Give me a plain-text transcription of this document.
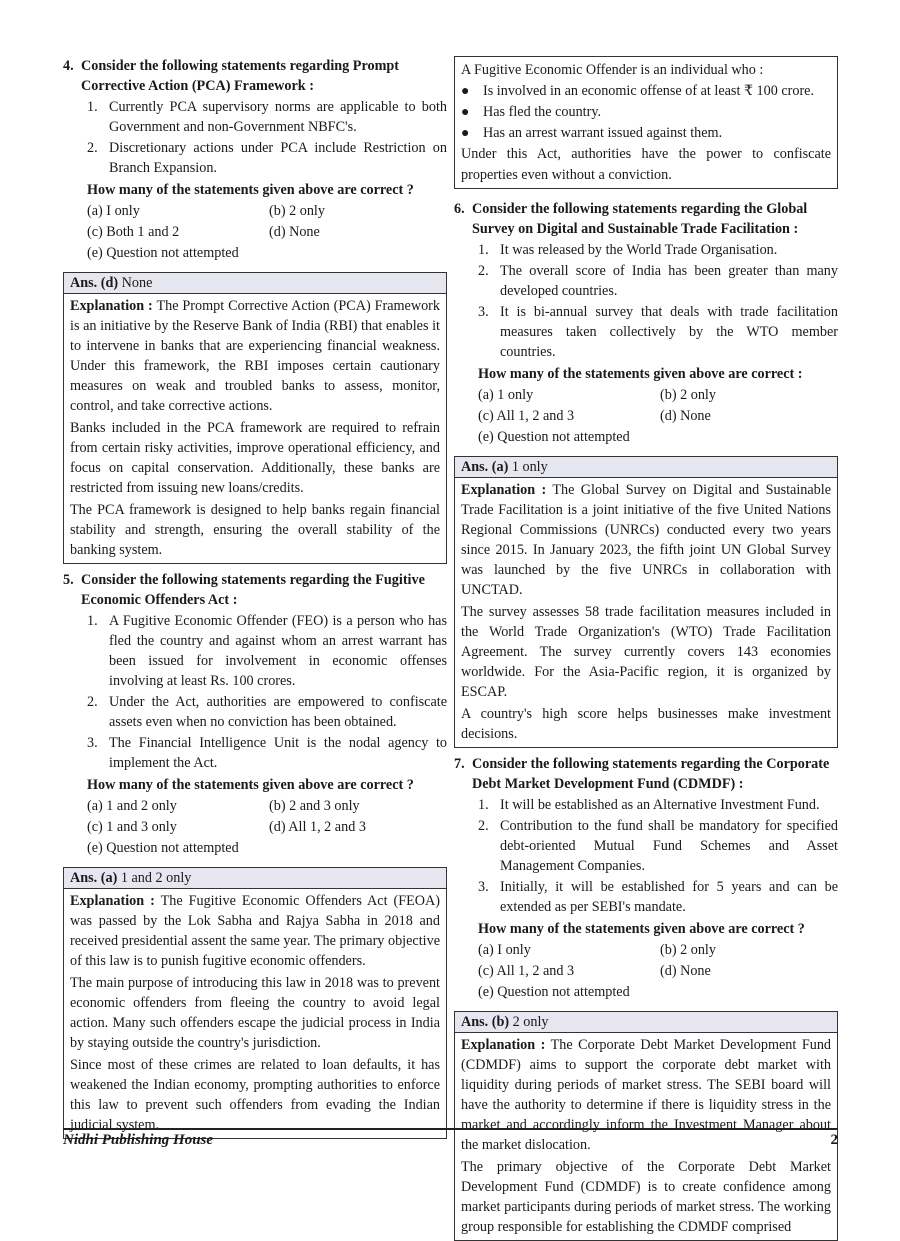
4. Consider the following statements regarding Prompt Corrective Action (PCA) Framework :

1. Currently PCA supervisory norms are applicable to both Government and non-Government NBFC's.

2. Discretionary actions under PCA include Restriction on Branch Expansion.

How many of the statements given above are correct ?
(a) I only	(b) 2 only
(c) Both 1 and 2	(d) None
(e) Question not attempted
Ans. (d) None

Explanation : The Prompt Corrective Action (PCA) Framework is an initiative by the Reserve Bank of India (RBI) that enables it to intervene in banks that are experiencing financial weakness. Under this framework, the RBI imposes certain cautionary measures on weak and troubled banks to assess, monitor, control, and take corrective actions.

Banks included in the PCA framework are required to refrain from certain risky activities, improve operational efficiency, and focus on capital conservation. Additionally, these banks are restricted from issuing new loans/credits.

The PCA framework is designed to help banks regain financial stability and strength, ensuring the overall stability of the banking system.

5. Consider the following statements regarding the Fugitive Economic Offenders Act :

1. A Fugitive Economic Offender (FEO) is a person who has fled the country and against whom an arrest warrant has been issued for involvement in economic offenses involving at least Rs. 100 crores.

2. Under the Act, authorities are empowered to confiscate assets even when no conviction has been obtained.

3. The Financial Intelligence Unit is the nodal agency to implement the Act.

How many of the statements given above are correct ?
(a) 1 and 2 only	(b) 2 and 3 only
(c) 1 and 3 only	(d) All 1, 2 and 3
(e) Question not attempted
Ans. (a) 1 and 2 only

Explanation : The Fugitive Economic Offenders Act (FEOA) was passed by the Lok Sabha and Rajya Sabha in 2018 and received presidential assent the same year. The primary objective of this law is to punish fugitive economic offenders.

The main purpose of introducing this law in 2018 was to prevent economic offenders from fleeing the country to avoid legal action. Many such offenders escape the judicial process in India by staying outside the country's jurisdiction.

Since most of these crimes are related to loan defaults, it has weakened the Indian economy, prompting authorities to enforce this law to prevent such offenders from evading the Indian judicial system.

A Fugitive Economic Offender is an individual who :
● Is involved in an economic offense of at least ₹ 100 crore.
● Has fled the country.
● Has an arrest warrant issued against them.
Under this Act, authorities have the power to confiscate properties even without a conviction.

6. Consider the following statements regarding the Global Survey on Digital and Sustainable Trade Facilitation :

1. It was released by the World Trade Organisation.

2. The overall score of India has been greater than many developed countries.

3. It is bi-annual survey that deals with trade facilitation measures taken collectively by the WTO member countries.

How many of the statements given above are correct :
(a) 1 only	(b) 2 only
(c) All 1, 2 and 3	(d) None
(e) Question not attempted
Ans. (a) 1 only

Explanation : The Global Survey on Digital and Sustainable Trade Facilitation is a joint initiative of the five United Nations Regional Commissions (UNRCs) conducted every two years since 2015. In January 2023, the fifth joint UN Global Survey was launched by the five UNRCs in collaboration with UNCTAD.

The survey assesses 58 trade facilitation measures included in the World Trade Organization's (WTO) Trade Facilitation Agreement. The survey currently covers 143 economies worldwide. For the Asia-Pacific region, it is organized by ESCAP.

A country's high score helps businesses make investment decisions.

7. Consider the following statements regarding the Corporate Debt Market Development Fund (CDMDF) :

1. It will be established as an Alternative Investment Fund.

2. Contribution to the fund shall be mandatory for specified debt-oriented Mutual Fund Schemes and Asset Management Companies.

3. Initially, it will be established for 5 years and can be extended as per SEBI's mandate.

How many of the statements given above are correct ?
(a) I only	(b) 2 only
(c) All 1, 2 and 3	(d) None
(e) Question not attempted
Ans. (b) 2 only

Explanation : The Corporate Debt Market Development Fund (CDMDF) aims to support the corporate debt market with liquidity during periods of market stress. The SEBI board will have the authority to determine if there is liquidity stress in the market and accordingly inform the Investment Manager about the market dislocation.

The primary objective of the Corporate Debt Market Development Fund (CDMDF) is to create confidence among market participants during periods of market stress. The working group responsible for establishing the CDMDF comprised

Nidhi Publishing House	2
